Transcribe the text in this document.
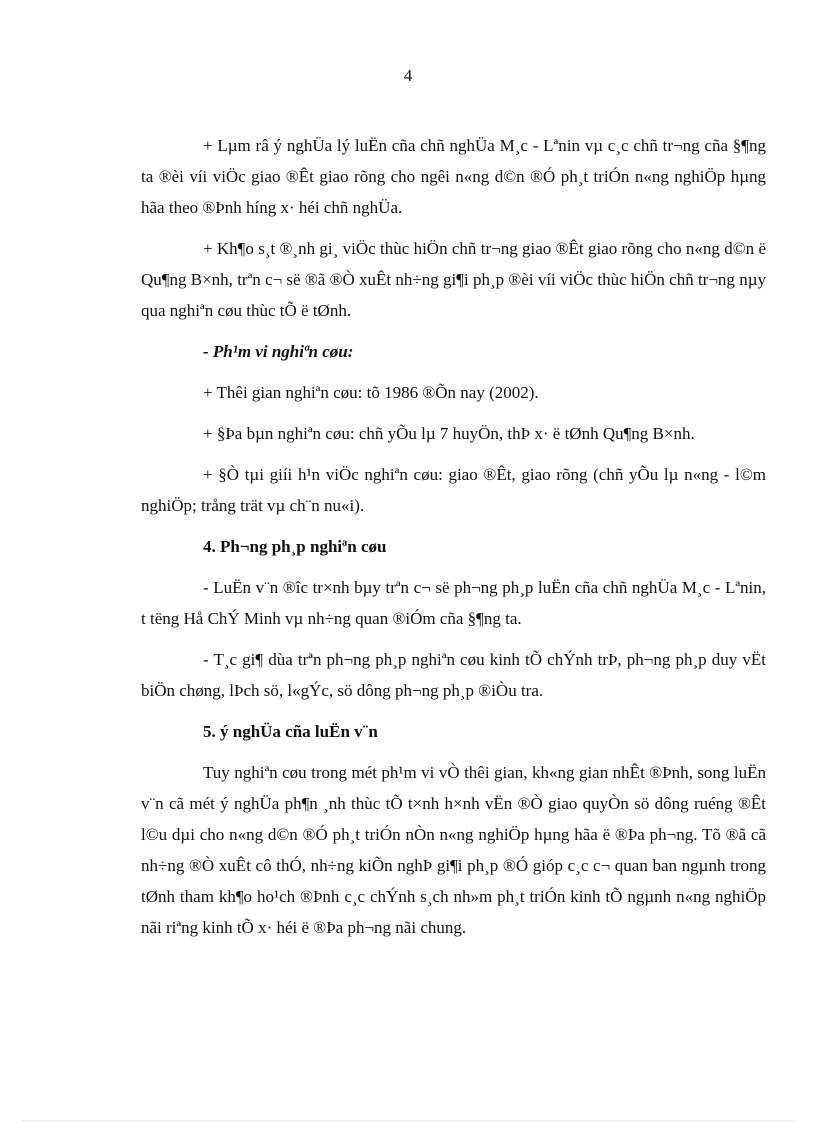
4

+ Lµm râ ý nghÜa lý luËn cña chñ nghÜa M¸c - Lªnin vµ c¸c chñ tr¬ng cña §¶ng ta ®èi víi viÖc giao ®Êt giao rõng cho ngêi n«ng d©n ®Ó ph¸t triÓn n«ng nghiÖp hµng hãa theo ®Þnh híng x· héi chñ nghÜa.

+ Kh¶o s¸t ®¸nh gi¸ viÖc thùc hiÖn chñ tr¬ng giao ®Êt giao rõng cho n«ng d©n ë Qu¶ng B×nh, trªn c¬ së ®ã ®Ò xuÊt nh÷ng gi¶i ph¸p ®èi víi viÖc thùc hiÖn chñ tr¬ng nµy qua nghiªn cøu thùc tÕ ë tØnh.

- Ph¹m vi nghiªn cøu:

+ Thêi gian nghiªn cøu: tõ 1986 ®Õn nay (2002).

+ §Þa bµn nghiªn cøu: chñ yÕu lµ 7 huyÖn, thÞ x· ë tØnh Qu¶ng B×nh.

+ §Ò tµi giíi h¹n viÖc nghiªn cøu: giao ®Êt, giao rõng (chñ yÕu lµ n«ng - l©m nghiÖp; trång trät vµ ch¨n nu«i).

4. Ph¬ng ph¸p nghiªn cøu

- LuËn v¨n ®îc tr×nh bµy trªn c¬ së ph¬ng ph¸p luËn cña chñ nghÜa M¸c - Lªnin, t tëng Hå ChÝ Minh vµ nh÷ng quan ®iÓm cña §¶ng ta.

- T¸c gi¶ dùa trªn ph¬ng ph¸p nghiªn cøu kinh tÕ chÝnh trÞ, ph¬ng ph¸p duy vËt biÖn chøng, lÞch sö, l«gÝc, sö dông ph¬ng ph¸p ®iÒu tra.

5. ý nghÜa cña luËn v¨n

Tuy nghiªn cøu trong mét ph¹m vi vÒ thêi gian, kh«ng gian nhÊt ®Þnh, song luËn v¨n cã mét ý nghÜa ph¶n ¸nh thùc tÕ t×nh h×nh vËn ®Ò giao quyÒn sö dông ruéng ®Êt l©u dµi cho n«ng d©n ®Ó ph¸t triÓn nÒn n«ng nghiÖp hµng hãa ë ®Þa ph¬ng. Tõ ®ã cã nh÷ng ®Ò xuÊt cô thÓ, nh÷ng kiÕn nghÞ gi¶i ph¸p ®Ó gióp c¸c c¬ quan ban ngµnh trong tØnh tham kh¶o ho¹ch ®Þnh c¸c chÝnh s¸ch nh»m ph¸t triÓn kinh tÕ ngµnh n«ng nghiÖp nãi riªng kinh tÕ x· héi ë ®Þa ph¬ng nãi chung.
